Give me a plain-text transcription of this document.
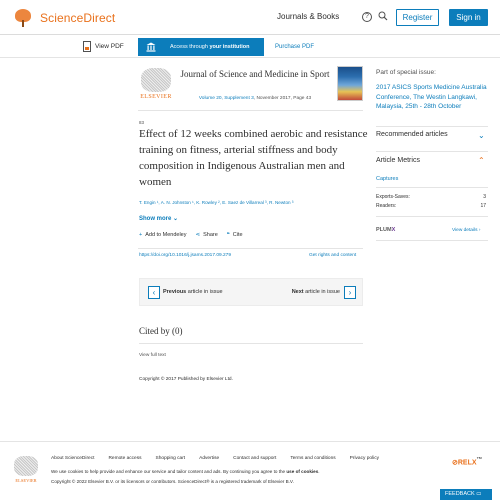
ScienceDirect	Journals & Books	?	Register	Sign in
View PDF	Access through your institution	Purchase PDF
ELSEVIER
Journal of Science and Medicine in Sport
Volume 20, Supplement 3, November 2017, Page 43
83
Effect of 12 weeks combined aerobic and resistance training on fitness, arterial stiffness and body composition in Indigenous Australian men and women
T. Engin ¹, A. N. Johnston ¹, K. Rowley ², E. Saez de Villarreal ³, R. Newton ³
Show more ⌄
+ Add to Mendeley ⋖ Share ❝ Cite
https://doi.org/10.1016/j.jsams.2017.09.279	Get rights and content
‹	Previous article in issue	Next article in issue	›
Cited by (0)
View full text
Copyright © 2017 Published by Elsevier Ltd.
Part of special issue:
2017 ASICS Sports Medicine Australia Conference, The Westin Langkawi, Malaysia, 25th - 28th October
Recommended articles	⌄
Article Metrics	⌃
Captures
Exports-Saves:	3
Readers:	17
PLUMX	View details ›
ELSEVIER
About ScienceDirect	Remote access	Shopping cart	Advertise	Contact and support	Terms and conditions	Privacy policy
We use cookies to help provide and enhance our service and tailor content and ads. By continuing you agree to the use of cookies.
Copyright © 2022 Elsevier B.V. or its licensors or contributors. ScienceDirect® is a registered trademark of Elsevier B.V.
⊘RELX™
FEEDBACK ▭
